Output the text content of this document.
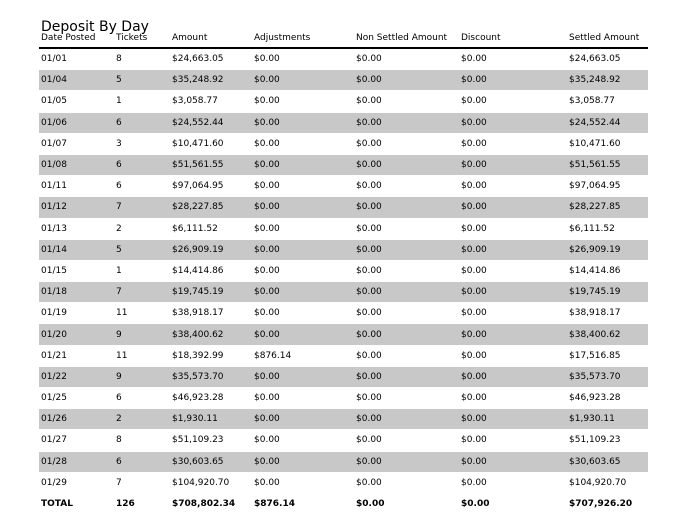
Deposit By Day
Date Posted	Tickets	Amount	Adjustments	Non Settled Amount	Discount	Settled Amount
01/01	8	$24,663.05	$0.00	$0.00	$0.00	$24,663.05
01/04	5	$35,248.92	$0.00	$0.00	$0.00	$35,248.92
01/05	1	$3,058.77	$0.00	$0.00	$0.00	$3,058.77
01/06	6	$24,552.44	$0.00	$0.00	$0.00	$24,552.44
01/07	3	$10,471.60	$0.00	$0.00	$0.00	$10,471.60
01/08	6	$51,561.55	$0.00	$0.00	$0.00	$51,561.55
01/11	6	$97,064.95	$0.00	$0.00	$0.00	$97,064.95
01/12	7	$28,227.85	$0.00	$0.00	$0.00	$28,227.85
01/13	2	$6,111.52	$0.00	$0.00	$0.00	$6,111.52
01/14	5	$26,909.19	$0.00	$0.00	$0.00	$26,909.19
01/15	1	$14,414.86	$0.00	$0.00	$0.00	$14,414.86
01/18	7	$19,745.19	$0.00	$0.00	$0.00	$19,745.19
01/19	11	$38,918.17	$0.00	$0.00	$0.00	$38,918.17
01/20	9	$38,400.62	$0.00	$0.00	$0.00	$38,400.62
01/21	11	$18,392.99	$876.14	$0.00	$0.00	$17,516.85
01/22	9	$35,573.70	$0.00	$0.00	$0.00	$35,573.70
01/25	6	$46,923.28	$0.00	$0.00	$0.00	$46,923.28
01/26	2	$1,930.11	$0.00	$0.00	$0.00	$1,930.11
01/27	8	$51,109.23	$0.00	$0.00	$0.00	$51,109.23
01/28	6	$30,603.65	$0.00	$0.00	$0.00	$30,603.65
01/29	7	$104,920.70	$0.00	$0.00	$0.00	$104,920.70
TOTAL	126	$708,802.34	$876.14	$0.00	$0.00	$707,926.20
